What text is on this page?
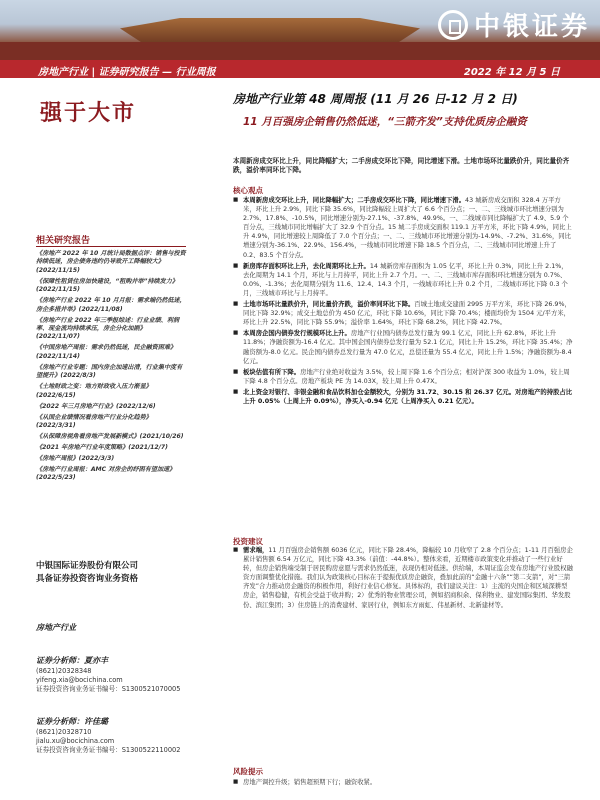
中银证券
房地产行业 | 证券研究报告 — 行业周报	2022 年 12 月 5 日
强于大市
相关研究报告
《房地产 2022 年 10 月统计局数据点评：销售与投资持续低迷，房企债务违约仍导致开工降幅较大》(2022/11/15)
《保障性租赁住房加快建设，“租购并举”持续发力》(2022/11/15)
《房地产行业 2022 年 10 月月报：需求端仍然低迷，房企多措并举》(2022/11/08)
《房地产行业 2022 年三季报综述：行业业绩、利润率、现金流均持续承压，房企分化加剧》(2022/11/07)
《中国房地产周报：需求仍然低迷，民企融资困难》(2022/11/14)
《房地产行业专题：国内房企加速出清，行业集中度有望提升》(2022/8/3)
《土地财政之变：地方财政收入压力渐显》(2022/6/15)
《2022 年三月房地产行业》(2022/12/6)
《从国企业绩情况看房地产行业分化趋势》(2022/3/31)
《从保障房视角看房地产发展新模式》(2021/10/26)
《2021 年房地产行业年度策略》(2021/12/7)
《房地产周报》(2022/3/3)
《房地产行业周报：AMC 对房企的纾困有望加速》(2022/5/23)
中银国际证券股份有限公司
具备证券投资咨询业务资格
房地产行业
证券分析师：夏亦丰
(8621)20328348
yifeng.xia@bocichina.com
证券投资咨询业务证书编号：S1300521070005
证券分析师：许佳璐
(8621)20328710
jialu.xu@bocichina.com
证券投资咨询业务证书编号：S1300522110002
房地产行业第 48 周周报 (11 月 26 日-12 月 2 日)
11 月百强房企销售仍然低迷，“三箭齐发”支持优质房企融资
本周新房成交环比上升，同比降幅扩大；二手房成交环比下降，同比增速下滑。土地市场环比量跌价升，同比量价齐跌，溢价率同环比下降。
核心观点
■ 本周新房成交环比上升，同比降幅扩大；二手房成交环比下降，同比增速下滑。43 城新房成交面积 328.4 万平方米，环比上升 2.9%，同比下降 35.6%，同比降幅较上周扩大了 6.6 个百分点；一、二、三线城市环比增速分别为 2.7%、17.8%、-10.5%，同比增速分别为-27.1%、-37.8%、49.9%。一、二线城市同比降幅扩大了 4.9、5.9 个百分点，三线城市同比增幅扩大了 32.9 个百分点。15 城二手房成交面积 119.1 万平方米，环比下降 4.9%，同比上升 4.9%，同比增速较上周降低了 7.0 个百分点；一、二、三线城市环比增速分别为-14.9%、-7.2%、31.6%，同比增速分别为-36.1%、22.9%、156.4%，一线城市同比增速下降 18.5 个百分点，二、三线城市同比增速上升了 0.2、83.5 个百分点。
■ 新房库存面积环比上升，去化周期环比上升。14 城新房库存面积为 1.05 亿平，环比上升 0.3%，同比上升 2.1%，去化周期为 14.1 个月，环比与上月持平，同比上升 2.7 个月。一、二、三线城市库存面积环比增速分别为 0.7%、0.0%、-1.3%；去化周期分别为 11.6、12.4、14.3 个月，一线城市环比上升 0.2 个月，二线城市环比下降 0.3 个月，三线城市环比与上月持平。
■ 土地市场环比量跌价升，同比量价齐跌，溢价率同环比下降。百城土地成交建面 2995 万平方米，环比下降 26.9%，同比下降 32.9%；成交土地总价为 450 亿元，环比下降 10.6%，同比下降 70.4%；楼面均价为 1504 元/平方米，环比上升 22.5%，同比下降 55.9%；溢价率 1.64%，环比下降 68.2%，同比下降 42.7%。
■ 本周房企国内债券发行规模环比上升。房地产行业国内债券总发行量为 99.1 亿元，同比上升 62.8%，环比上升 11.8%；净融资额为-16.4 亿元。其中国企国内债券总发行量为 52.1 亿元，同比上升 15.2%，环比下降 35.4%；净融资额为-8.0 亿元。民企国内债券总发行量为 47.0 亿元，总偿还量为 55.4 亿元，同比上升 1.5%；净融资额为-8.4 亿元。
■ 板块估值有所下降。房地产行业绝对收益为 3.5%，较上周下降 1.6 个百分点；相对沪深 300 收益为 1.0%，较上周下降 4.8 个百分点。房地产板块 PE 为 14.03X，较上周上升 0.47X。
■ 北上资金对银行、非银金融和食品饮料加仓金额较大，分别为 31.72、30.15 和 26.37 亿元。对房地产的持股占比上升 0.05%（上周上升 0.09%），净买入-0.94 亿元（上周净买入 0.21 亿元）。
投资建议
■ 需求端，11 月百强房企销售额 6036 亿元，同比下降 28.4%，降幅较 10 月收窄了 2.8 个百分点；1-11 月百强房企累计销售额 6.54 万亿元，同比下降 43.3%（前值：-44.8%）。整体来看，近期楼市政策变化并推动了一些行业好转，但房企销售端受制于居民购房意愿与需求仍然低迷，表现仍相对低迷。供给端，本周证监会发布房地产行业股权融资方面调整优化措施。我们认为政策核心目标在于提振优质房企融资，叠加此前的“金融十六条”“第二支箭”，对“三箭齐发”合力推动房企融资的积极作用，利好行业信心修复。具体标的，我们建议关注：1）主流的央国企和区域深耕型房企，销售稳健，有机会受益于收并购；2）优秀的物业管理公司，例如招商积余、保利物业、建发国际集团、华发股份、滨江集团；3）住房链上的消费建材、家居行业，例如东方雨虹、伟星新材、北新建材等。
风险提示
■ 房地产调控升级；销售超预期下行；融资收紧。
